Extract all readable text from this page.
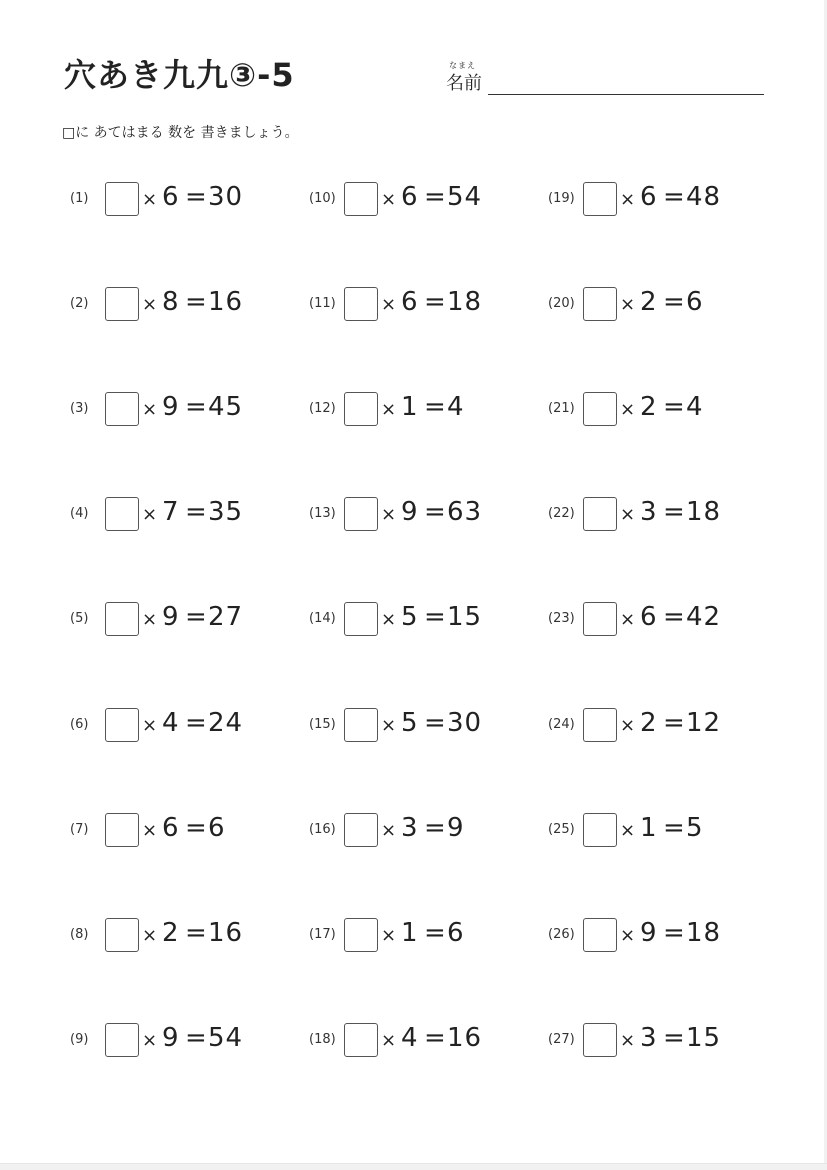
穴あき九九③-5	なまえ
名前
□に あてはまる 数を 書きましょう。
(1)	× 6 = 30
(2)	× 8 = 16
(3)	× 9 = 45
(4)	× 7 = 35
(5)	× 9 = 27
(6)	× 4 = 24
(7)	× 6 = 6
(8)	× 2 = 16
(9)	× 9 = 54
(10)	× 6 = 54
(11)	× 6 = 18
(12)	× 1 = 4
(13)	× 9 = 63
(14)	× 5 = 15
(15)	× 5 = 30
(16)	× 3 = 9
(17)	× 1 = 6
(18)	× 4 = 16
(19)	× 6 = 48
(20)	× 2 = 6
(21)	× 2 = 4
(22)	× 3 = 18
(23)	× 6 = 42
(24)	× 2 = 12
(25)	× 1 = 5
(26)	× 9 = 18
(27)	× 3 = 15
